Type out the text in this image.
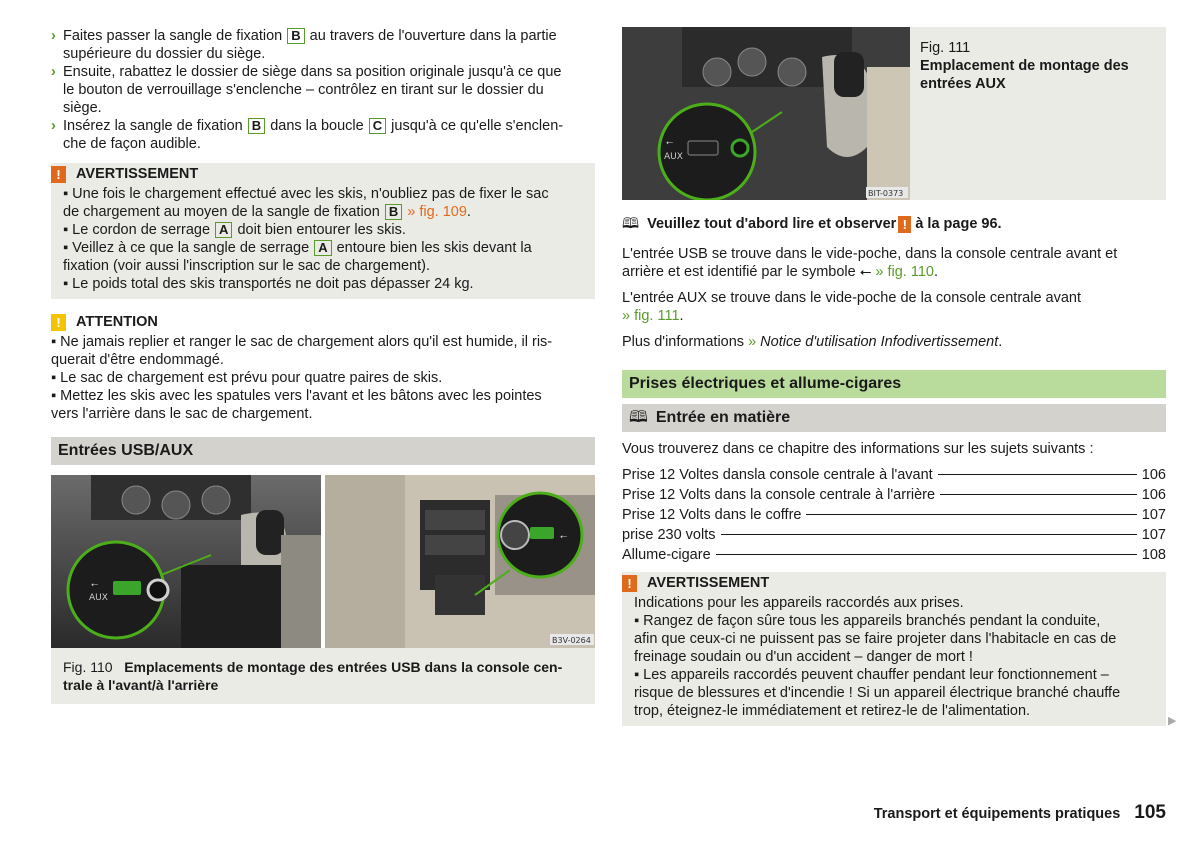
› Faites passer la sangle de fixation B au travers de l'ouverture dans la partie
supérieure du dossier du siège.
› Ensuite, rabattez le dossier de siège dans sa position originale jusqu'à ce que
le bouton de verrouillage s'enclenche – contrôlez en tirant sur le dossier du
siège.
› Insérez la sangle de fixation B dans la boucle C jusqu'à ce qu'elle s'enclen-
che de façon audible.
!	AVERTISSEMENT
▪ Une fois le chargement effectué avec les skis, n'oubliez pas de fixer le sac
de chargement au moyen de la sangle de fixation B » fig. 109.
▪ Le cordon de serrage A doit bien entourer les skis.
▪ Veillez à ce que la sangle de serrage A entoure bien les skis devant la
fixation (voir aussi l'inscription sur le sac de chargement).
▪ Le poids total des skis transportés ne doit pas dépasser 24 kg.
!	ATTENTION
▪ Ne jamais replier et ranger le sac de chargement alors qu'il est humide, il ris-
querait d'être endommagé.
▪ Le sac de chargement est prévu pour quatre paires de skis.
▪ Mettez les skis avec les spatules vers l'avant et les bâtons avec les pointes
vers l'arrière dans le sac de chargement.
Entrées USB/AUX
⭠
AUX
⭠
B3V-0264
Fig. 110 Emplacements de montage des entrées USB dans la console cen-
trale à l'avant/à l'arrière
⭠
AUX
BIT-0373
Fig. 111
Emplacement de montage des
entrées AUX
🕮 Veuillez tout d'abord lire et observer ! à la page 96.
L'entrée USB se trouve dans le vide-poche, dans la console centrale avant et
arrière et est identifié par le symbole ⭠ » fig. 110.
L'entrée AUX se trouve dans le vide-poche de la console centrale avant
» fig. 111.
Plus d'informations » Notice d'utilisation Infodivertissement.
Prises électriques et allume-cigares
🕮 Entrée en matière
Vous trouverez dans ce chapitre des informations sur les sujets suivants :
Prise 12 Voltes dansla console centrale à l'avant	106
Prise 12 Volts dans la console centrale à l'arrière	106
Prise 12 Volts dans le coffre	107
prise 230 volts	107
Allume-cigare	108
!	AVERTISSEMENT
Indications pour les appareils raccordés aux prises.
▪ Rangez de façon sûre tous les appareils branchés pendant la conduite,
afin que ceux-ci ne puissent pas se faire projeter dans l'habitacle en cas de
freinage soudain ou d'un accident – danger de mort !
▪ Les appareils raccordés peuvent chauffer pendant leur fonctionnement –
risque de blessures et d'incendie ! Si un appareil électrique branché chauffe
trop, éteignez-le immédiatement et retirez-le de l'alimentation.
▶
Transport et équipements pratiques 105
